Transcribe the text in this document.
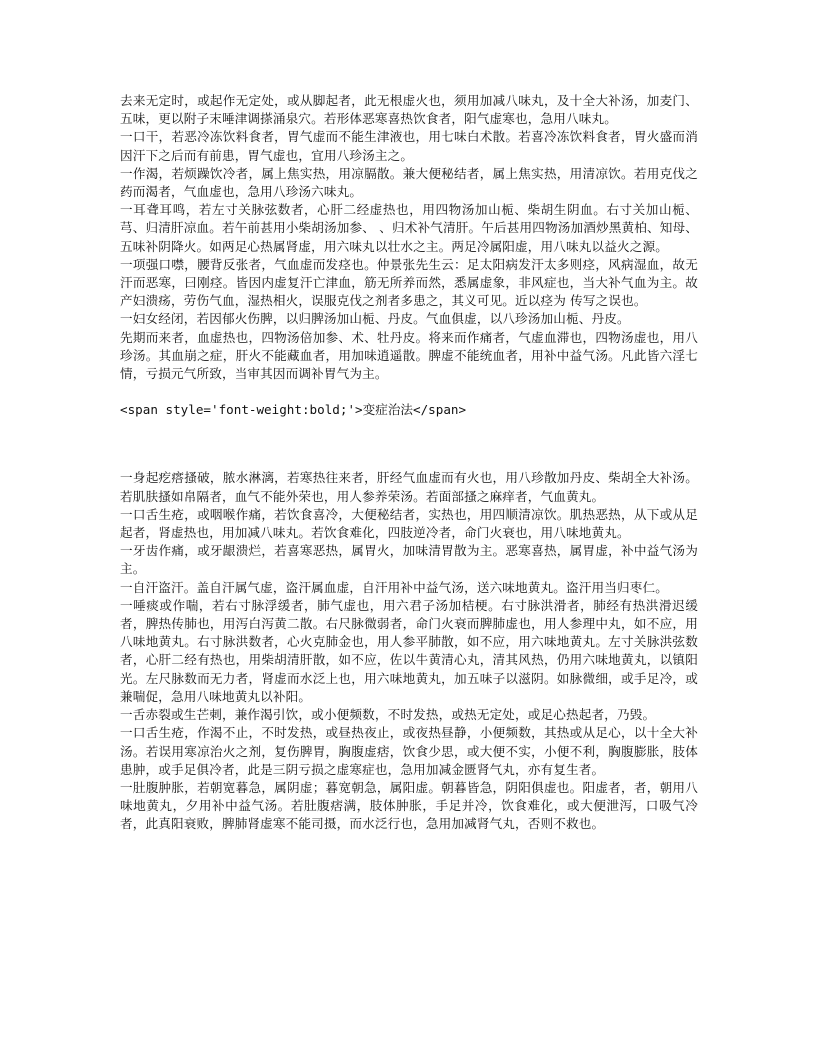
去来无定时，或起作无定处，或从脚起者，此无根虚火也，须用加减八味丸，及十全大补汤，加麦门、五味，更以附子末唾津调搽涌泉穴。若形体恶寒喜热饮食者，阳气虚寒也，急用八味丸。

一口干，若恶冷冻饮料食者，胃气虚而不能生津液也，用七味白术散。若喜冷冻饮料食者，胃火盛而消因汗下之后而有前患，胃气虚也，宜用八珍汤主之。

一作渴，若烦躁饮冷者，属上焦实热，用凉膈散。兼大便秘结者，属上焦实热，用清凉饮。若用克伐之药而渴者，气血虚也，急用八珍汤六味丸。

一耳聋耳鸣，若左寸关脉弦数者，心肝二经虚热也，用四物汤加山栀、柴胡生阴血。右寸关加山栀、芎、归清肝凉血。若午前甚用小柴胡汤加参、 、归术补气清肝。午后甚用四物汤加酒炒黑黄柏、知母、五味补阴降火。如两足心热属肾虚，用六味丸以壮水之主。两足冷属阳虚，用八味丸以益火之源。

一项强口噤，腰背反张者，气血虚而发痉也。仲景张先生云：足太阳病发汗太多则痉，风病湿血，故无汗而恶寒，曰刚痉。皆因内虚复汗亡津血，筋无所养而然，悉属虚象，非风症也，当大补气血为主。故产妇溃疡，劳伤气血，湿热相火，误服克伐之剂者多患之，其义可见。近以痉为 传写之误也。

一妇女经闭，若因郁火伤脾，以归脾汤加山栀、丹皮。气血俱虚，以八珍汤加山栀、丹皮。

先期而来者，血虚热也，四物汤倍加参、术、牡丹皮。将来而作痛者，气虚血滞也，四物汤虚也，用八珍汤。其血崩之症，肝火不能藏血者，用加味逍遥散。脾虚不能统血者，用补中益气汤。凡此皆六淫七情，亏损元气所致，当审其因而调补胃气为主。

<span style='font-weight:bold;'>变症治法</span>

一身起疙瘩搔破，脓水淋漓，若寒热往来者，肝经气血虚而有火也，用八珍散加丹皮、柴胡全大补汤。若肌肤搔如帛隔者，血气不能外荣也，用人参养荣汤。若面部搔之麻痒者，气血黄丸。

一口舌生疮，或咽喉作痛，若饮食喜冷，大便秘结者，实热也，用四顺清凉饮。肌热恶热，从下或从足起者，肾虚热也，用加减八味丸。若饮食难化，四肢逆冷者，命门火衰也，用八味地黄丸。

一牙齿作痛，或牙龈溃烂，若喜寒恶热，属胃火，加味清胃散为主。恶寒喜热，属胃虚，补中益气汤为主。

一自汗盗汗。盖自汗属气虚，盗汗属血虚，自汗用补中益气汤，送六味地黄丸。盗汗用当归枣仁。

一唾痰或作喘，若右寸脉浮缓者，肺气虚也，用六君子汤加桔梗。右寸脉洪滑者，肺经有热洪滑迟缓者，脾热传肺也，用泻白泻黄二散。右尺脉微弱者，命门火衰而脾肺虚也，用人参理中丸，如不应，用八味地黄丸。右寸脉洪数者，心火克肺金也，用人参平肺散，如不应，用六味地黄丸。左寸关脉洪弦数者，心肝二经有热也，用柴胡清肝散，如不应，佐以牛黄清心丸，清其风热，仍用六味地黄丸，以镇阳光。左尺脉数而无力者，肾虚而水泛上也，用六味地黄丸，加五味子以滋阴。如脉微细，或手足冷，或兼喘促，急用八味地黄丸以补阳。

一舌赤裂或生芒刺，兼作渴引饮，或小便频数，不时发热，或热无定处，或足心热起者，乃毁。

一口舌生疮，作渴不止，不时发热，或昼热夜止，或夜热昼静，小便频数，其热或从足心，以十全大补汤。若误用寒凉治火之剂，复伤脾胃，胸腹虚痞，饮食少思，或大便不实，小便不利，胸腹膨胀，肢体患肿，或手足俱冷者，此是三阴亏损之虚寒症也，急用加减金匮肾气丸，亦有复生者。

一肚腹肿胀，若朝宽暮急，属阴虚；暮宽朝急，属阳虚。朝暮皆急，阴阳俱虚也。阳虚者，者，朝用八味地黄丸，夕用补中益气汤。若肚腹痞满，肢体肿胀，手足并冷，饮食难化，或大便泄泻，口吸气冷者，此真阳衰败，脾肺肾虚寒不能司摄，而水泛行也，急用加减肾气丸，否则不救也。
